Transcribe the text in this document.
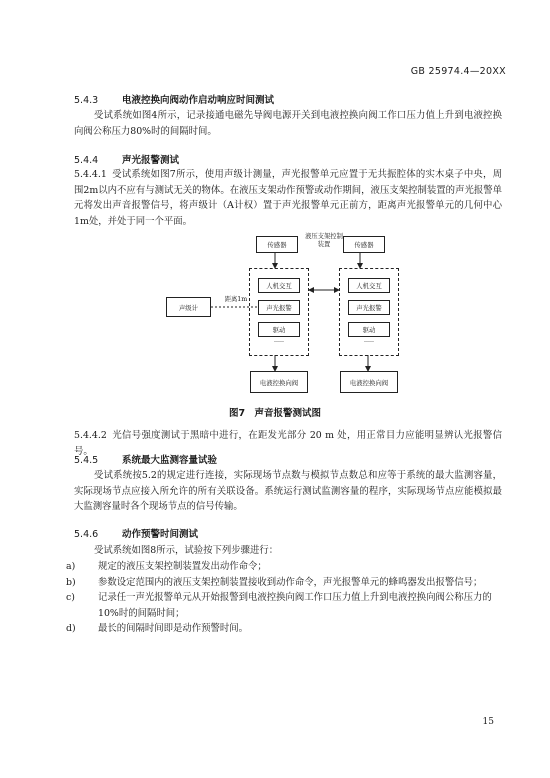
GB 25974.4—20XX
5.4.3	电液控换向阀动作启动响应时间测试
受试系统如图4所示，记录接通电磁先导阀电源开关到电液控换向阀工作口压力值上升到电液控换向阀公称压力80%时的间隔时间。
5.4.4	声光报警测试
5.4.4.1 受试系统如图7所示，使用声级计测量，声光报警单元应置于无共振腔体的实木桌子中央，周围2m以内不应有与测试无关的物体。在液压支架动作预警或动作期间，液压支架控制装置的声光报警单元将发出声音报警信号，将声级计（A计权）置于声光报警单元正前方，距离声光报警单元的几何中心1m处，并处于同一个平面。
传感器	传感器
液压支架控制装置
人机交互
声光报警
驱动
·····
人机交互
声光报警
驱动
·····
声级计
距离1m
电液控换向阀	电液控换向阀
图7　声音报警测试图
5.4.4.2 光信号强度测试于黑暗中进行，在距发光部分 20 m 处，用正常目力应能明显辨认光报警信号。
5.4.5	系统最大监测容量试验
受试系统按5.2的规定进行连接，实际现场节点数与模拟节点数总和应等于系统的最大监测容量，实际现场节点应接入所允许的所有关联设备。系统运行测试监测容量的程序，实际现场节点应能模拟最大监测容量时各个现场节点的信号传输。
5.4.6	动作预警时间测试
受试系统如图8所示，试验按下列步骤进行：
a) 规定的液压支架控制装置发出动作命令；
b) 参数设定范围内的液压支架控制装置接收到动作命令，声光报警单元的蜂鸣器发出报警信号；
c) 记录任一声光报警单元从开始报警到电液控换向阀工作口压力值上升到电液控换向阀公称压力的10%时的间隔时间；
d) 最长的间隔时间即是动作预警时间。
15
